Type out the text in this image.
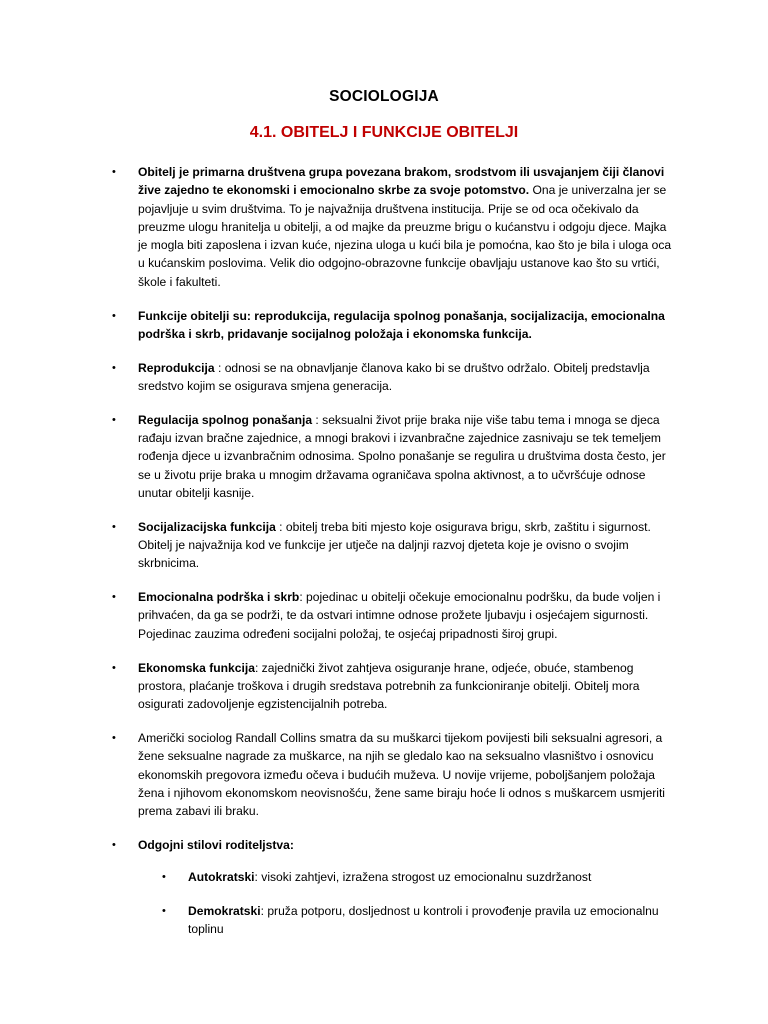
SOCIOLOGIJA
4.1. OBITELJ I FUNKCIJE OBITELJI
• Obitelj je primarna društvena grupa povezana brakom, srodstvom ili usvajanjem čiji članovi žive zajedno te ekonomski i emocionalno skrbe za svoje potomstvo. Ona je univerzalna jer se pojavljuje u svim društvima. To je najvažnija društvena institucija. Prije se od oca očekivalo da preuzme ulogu hranitelja u obitelji, a od majke da preuzme brigu o kućanstvu i odgoju djece. Majka je mogla biti zaposlena i izvan kuće, njezina uloga u kući bila je pomoćna, kao što je bila i uloga oca u kućanskim poslovima. Velik dio odgojno-obrazovne funkcije obavljaju ustanove kao što su vrtići, škole i fakulteti.
• Funkcije obitelji su: reprodukcija, regulacija spolnog ponašanja, socijalizacija, emocionalna podrška i skrb, pridavanje socijalnog položaja i ekonomska funkcija.
• Reprodukcija : odnosi se na obnavljanje članova kako bi se društvo održalo. Obitelj predstavlja sredstvo kojim se osigurava smjena generacija.
• Regulacija spolnog ponašanja : seksualni život prije braka nije više tabu tema i mnoga se djeca rađaju izvan bračne zajednice, a mnogi brakovi i izvanbračne zajednice zasnivaju se tek temeljem rođenja djece u izvanbračnim odnosima. Spolno ponašanje se regulira u društvima dosta često, jer se u životu prije braka u mnogim državama ograničava spolna aktivnost, a to učvršćuje odnose unutar obitelji kasnije.
• Socijalizacijska funkcija : obitelj treba biti mjesto koje osigurava brigu, skrb, zaštitu i sigurnost. Obitelj je najvažnija kod ve funkcije jer utječe na daljnji razvoj djeteta koje je ovisno o svojim skrbnicima.
• Emocionalna podrška i skrb: pojedinac u obitelji očekuje emocionalnu podršku, da bude voljen i prihvaćen, da ga se podrži, te da ostvari intimne odnose prožete ljubavju i osjećajem sigurnosti. Pojedinac zauzima određeni socijalni položaj, te osjećaj pripadnosti široj grupi.
• Ekonomska funkcija: zajednički život zahtjeva osiguranje hrane, odjeće, obuće, stambenog prostora, plaćanje troškova i drugih sredstava potrebnih za funkcioniranje obitelji. Obitelj mora osigurati zadovoljenje egzistencijalnih potreba.
• Američki sociolog Randall Collins smatra da su muškarci tijekom povijesti bili seksualni agresori, a žene seksualne nagrade za muškarce, na njih se gledalo kao na seksualno vlasništvo i osnovicu ekonomskih pregovora između očeva i budućih muževa. U novije vrijeme, poboljšanjem položaja žena i njihovom ekonomskom neovisnošću, žene same biraju hoće li odnos s muškarcem usmjeriti prema zabavi ili braku.
• Odgojni stilovi roditeljstva:
• Autokratski: visoki zahtjevi, izražena strogost uz emocionalnu suzdržanost
• Demokratski: pruža potporu, dosljednost u kontroli i provođenje pravila uz emocionalnu toplinu
